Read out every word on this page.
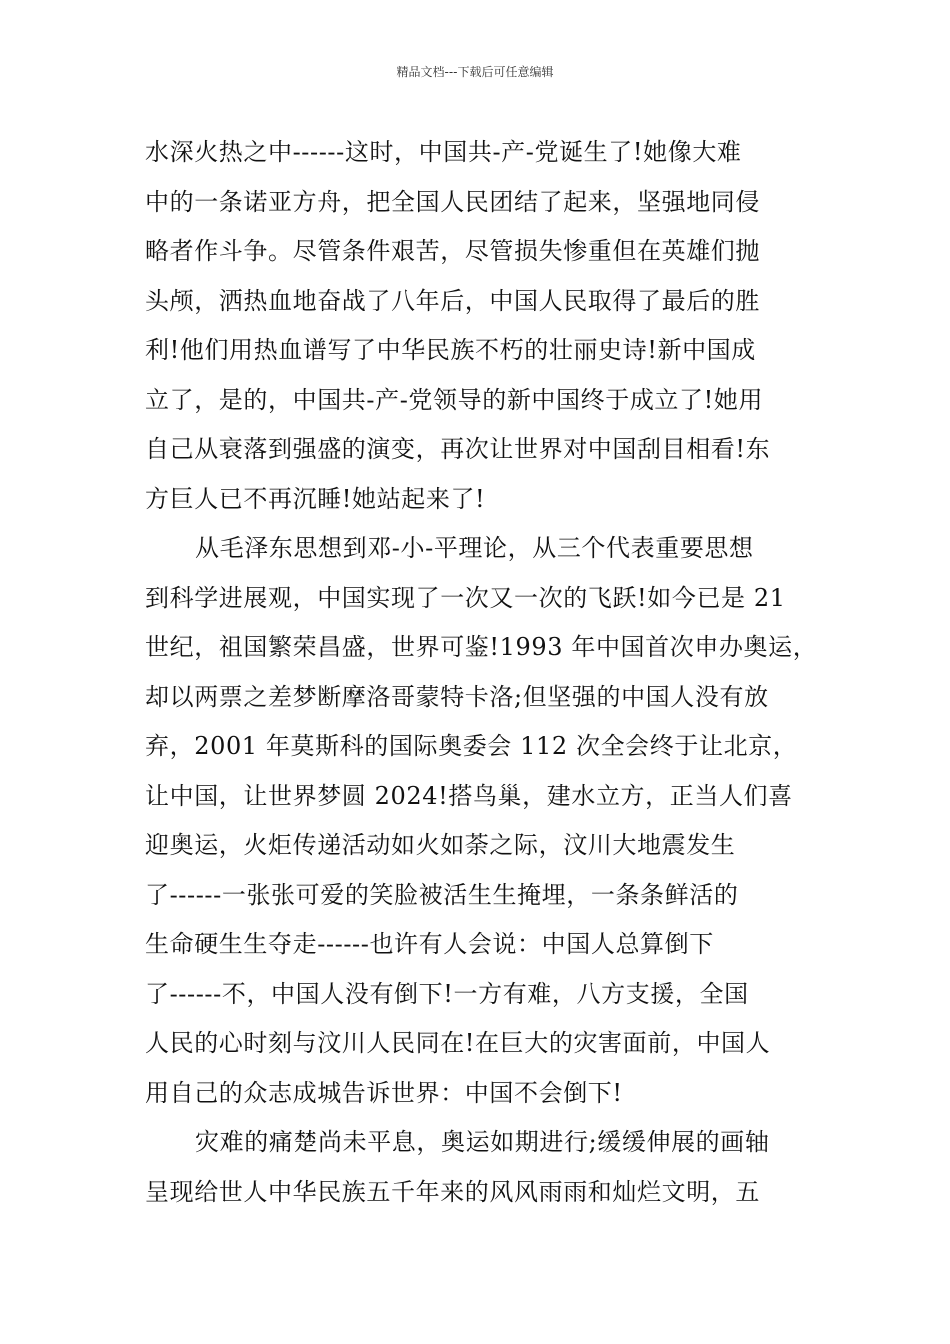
精品文档---下载后可任意编辑
水深火热之中------这时，中国共-产-党诞生了!她像大难
中的一条诺亚方舟，把全国人民团结了起来，坚强地同侵
略者作斗争。尽管条件艰苦，尽管损失惨重但在英雄们抛
头颅，洒热血地奋战了八年后，中国人民取得了最后的胜
利!他们用热血谱写了中华民族不朽的壮丽史诗!新中国成
立了，是的，中国共-产-党领导的新中国终于成立了!她用
自己从衰落到强盛的演变，再次让世界对中国刮目相看!东
方巨人已不再沉睡!她站起来了!
从毛泽东思想到邓-小-平理论，从三个代表重要思想
到科学进展观，中国实现了一次又一次的飞跃!如今已是 21
世纪，祖国繁荣昌盛，世界可鉴!1993 年中国首次申办奥运，
却以两票之差梦断摩洛哥蒙特卡洛;但坚强的中国人没有放
弃，2001 年莫斯科的国际奥委会 112 次全会终于让北京，
让中国，让世界梦圆 2024!搭鸟巢，建水立方，正当人们喜
迎奥运，火炬传递活动如火如荼之际，汶川大地震发生
了------一张张可爱的笑脸被活生生掩埋，一条条鲜活的
生命硬生生夺走------也许有人会说：中国人总算倒下
了------不，中国人没有倒下!一方有难，八方支援，全国
人民的心时刻与汶川人民同在!在巨大的灾害面前，中国人
用自己的众志成城告诉世界：中国不会倒下!
灾难的痛楚尚未平息，奥运如期进行;缓缓伸展的画轴
呈现给世人中华民族五千年来的风风雨雨和灿烂文明，五
